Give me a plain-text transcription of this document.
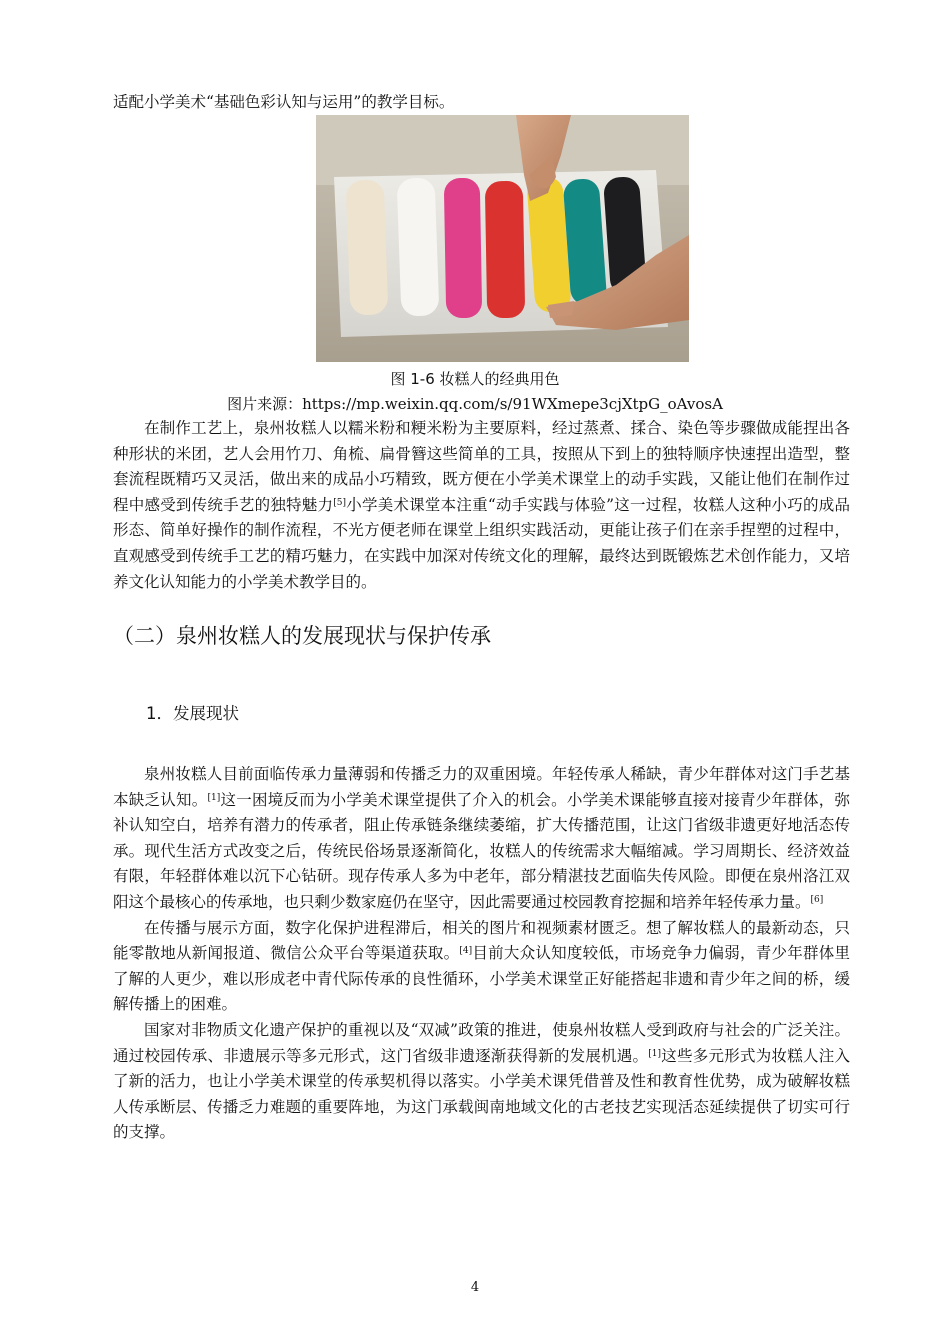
适配小学美术“基础色彩认知与运用”的教学目标。

图 1-6 妆糕人的经典用色
图片来源：https://mp.weixin.qq.com/s/91WXmepe3cjXtpG_oAvosA

在制作工艺上，泉州妆糕人以糯米粉和粳米粉为主要原料，经过蒸煮、揉合、染色等步骤做成能捏出各种形状的米团，艺人会用竹刀、角梳、扁骨簪这些简单的工具，按照从下到上的独特顺序快速捏出造型，整套流程既精巧又灵活，做出来的成品小巧精致，既方便在小学美术课堂上的动手实践，又能让他们在制作过程中感受到传统手艺的独特魅力[5]小学美术课堂本注重“动手实践与体验”这一过程，妆糕人这种小巧的成品形态、简单好操作的制作流程，不光方便老师在课堂上组织实践活动，更能让孩子们在亲手捏塑的过程中，直观感受到传统手工艺的精巧魅力，在实践中加深对传统文化的理解，最终达到既锻炼艺术创作能力，又培养文化认知能力的小学美术教学目的。

（二）泉州妆糕人的发展现状与保护传承
1．发展现状

泉州妆糕人目前面临传承力量薄弱和传播乏力的双重困境。年轻传承人稀缺，青少年群体对这门手艺基本缺乏认知。[1]这一困境反而为小学美术课堂提供了介入的机会。小学美术课能够直接对接青少年群体，弥补认知空白，培养有潜力的传承者，阻止传承链条继续萎缩，扩大传播范围，让这门省级非遗更好地活态传承。现代生活方式改变之后，传统民俗场景逐渐简化，妆糕人的传统需求大幅缩减。学习周期长、经济效益有限，年轻群体难以沉下心钻研。现存传承人多为中老年，部分精湛技艺面临失传风险。即便在泉州洛江双阳这个最核心的传承地，也只剩少数家庭仍在坚守，因此需要通过校园教育挖掘和培养年轻传承力量。[6]

在传播与展示方面，数字化保护进程滞后，相关的图片和视频素材匮乏。想了解妆糕人的最新动态，只能零散地从新闻报道、微信公众平台等渠道获取。[4]目前大众认知度较低，市场竞争力偏弱，青少年群体里了解的人更少，难以形成老中青代际传承的良性循环，小学美术课堂正好能搭起非遗和青少年之间的桥，缓解传播上的困难。

国家对非物质文化遗产保护的重视以及“双减”政策的推进，使泉州妆糕人受到政府与社会的广泛关注。通过校园传承、非遗展示等多元形式，这门省级非遗逐渐获得新的发展机遇。[1]这些多元形式为妆糕人注入了新的活力，也让小学美术课堂的传承契机得以落实。小学美术课凭借普及性和教育性优势，成为破解妆糕人传承断层、传播乏力难题的重要阵地，为这门承载闽南地域文化的古老技艺实现活态延续提供了切实可行的支撑。

4
